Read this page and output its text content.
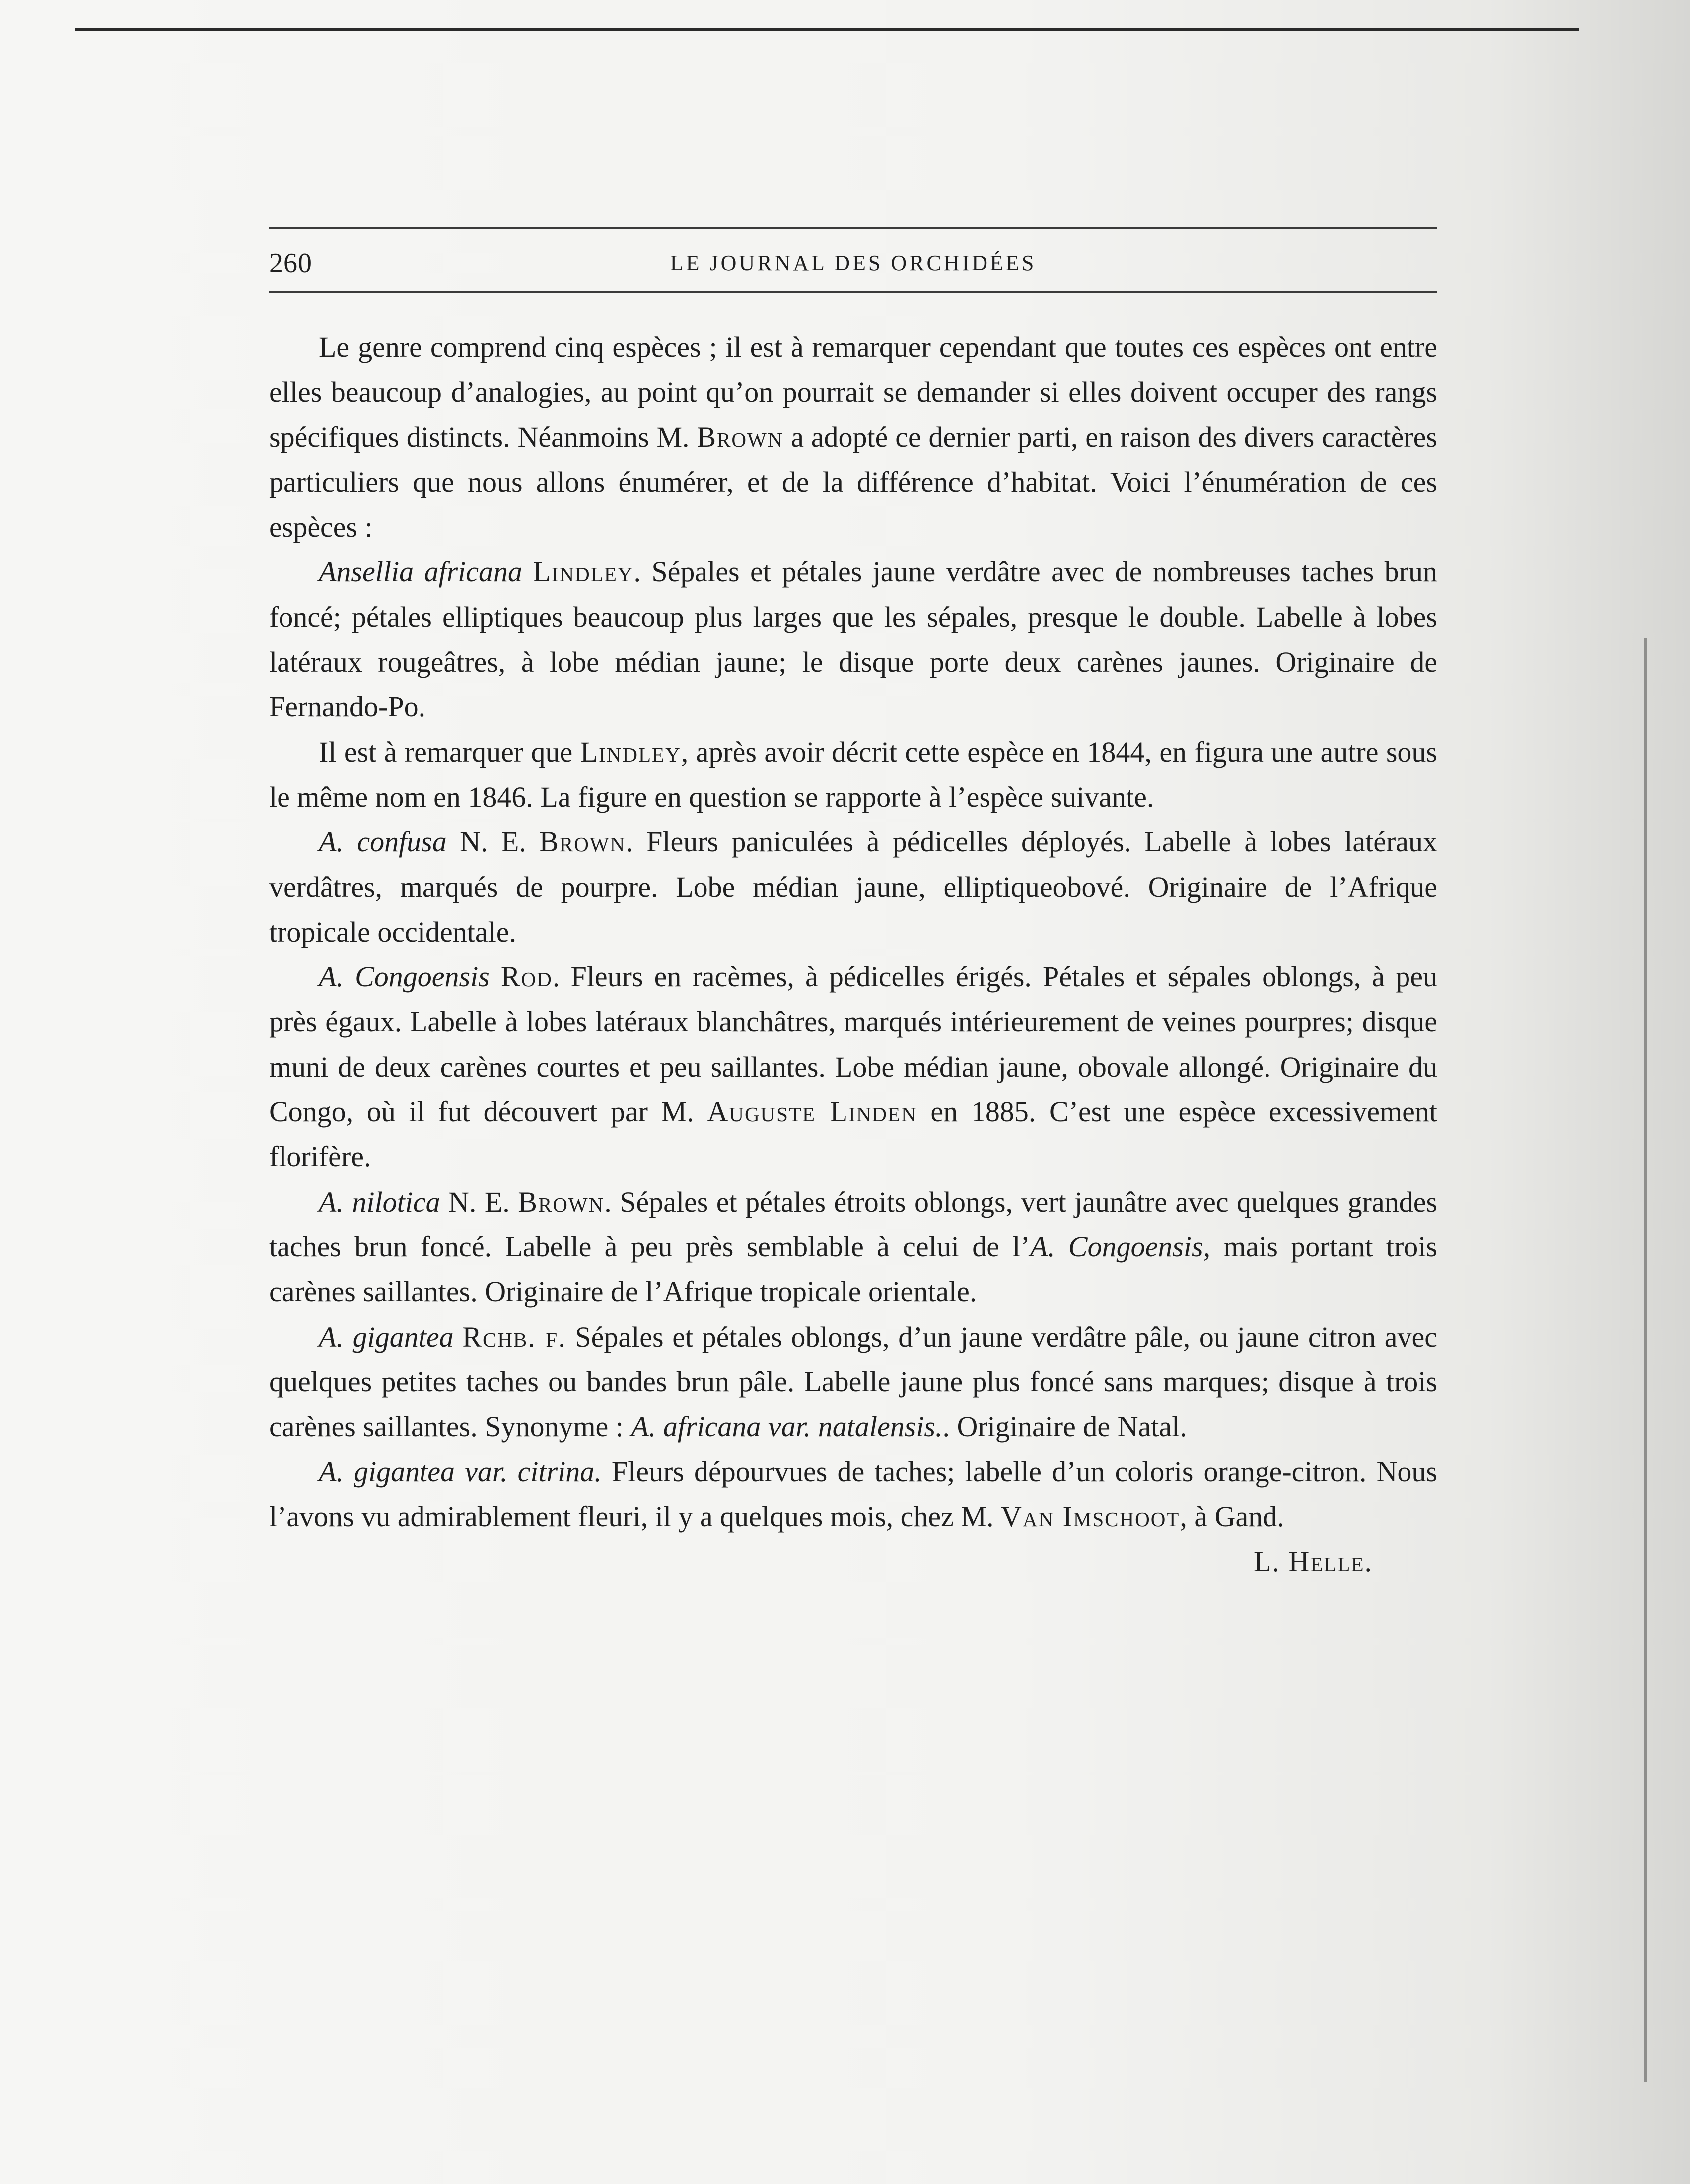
260	LE JOURNAL DES ORCHIDÉES

Le genre comprend cinq espèces ; il est à remarquer cependant que toutes ces espèces ont entre elles beaucoup d’analogies, au point qu’on pourrait se demander si elles doivent occuper des rangs spécifiques distincts. Néanmoins M. Brown a adopté ce dernier parti, en raison des divers caractères particuliers que nous allons énumérer, et de la différence d’habitat. Voici l’énumération de ces espèces :

Ansellia africana Lindley. Sépales et pétales jaune verdâtre avec de nombreuses taches brun foncé; pétales elliptiques beaucoup plus larges que les sépales, presque le double. Labelle à lobes latéraux rougeâtres, à lobe médian jaune; le disque porte deux carènes jaunes. Originaire de Fernando-Po.

Il est à remarquer que Lindley, après avoir décrit cette espèce en 1844, en figura une autre sous le même nom en 1846. La figure en question se rapporte à l’espèce suivante.

A. confusa N. E. Brown. Fleurs paniculées à pédicelles déployés. Labelle à lobes latéraux verdâtres, marqués de pourpre. Lobe médian jaune, elliptiqueobové. Originaire de l’Afrique tropicale occidentale.

A. Congoensis Rod. Fleurs en racèmes, à pédicelles érigés. Pétales et sépales oblongs, à peu près égaux. Labelle à lobes latéraux blanchâtres, marqués intérieurement de veines pourpres; disque muni de deux carènes courtes et peu saillantes. Lobe médian jaune, obovale allongé. Originaire du Congo, où il fut découvert par M. Auguste Linden en 1885. C’est une espèce excessivement florifère.

A. nilotica N. E. Brown. Sépales et pétales étroits oblongs, vert jaunâtre avec quelques grandes taches brun foncé. Labelle à peu près semblable à celui de l’A. Congoensis, mais portant trois carènes saillantes. Originaire de l’Afrique tropicale orientale.

A. gigantea Rchb. f. Sépales et pétales oblongs, d’un jaune verdâtre pâle, ou jaune citron avec quelques petites taches ou bandes brun pâle. Labelle jaune plus foncé sans marques; disque à trois carènes saillantes. Synonyme : A. africana var. natalensis.. Originaire de Natal.

A. gigantea var. citrina. Fleurs dépourvues de taches; labelle d’un coloris orange-citron. Nous l’avons vu admirablement fleuri, il y a quelques mois, chez M. Van Imschoot, à Gand.

L. Helle.
